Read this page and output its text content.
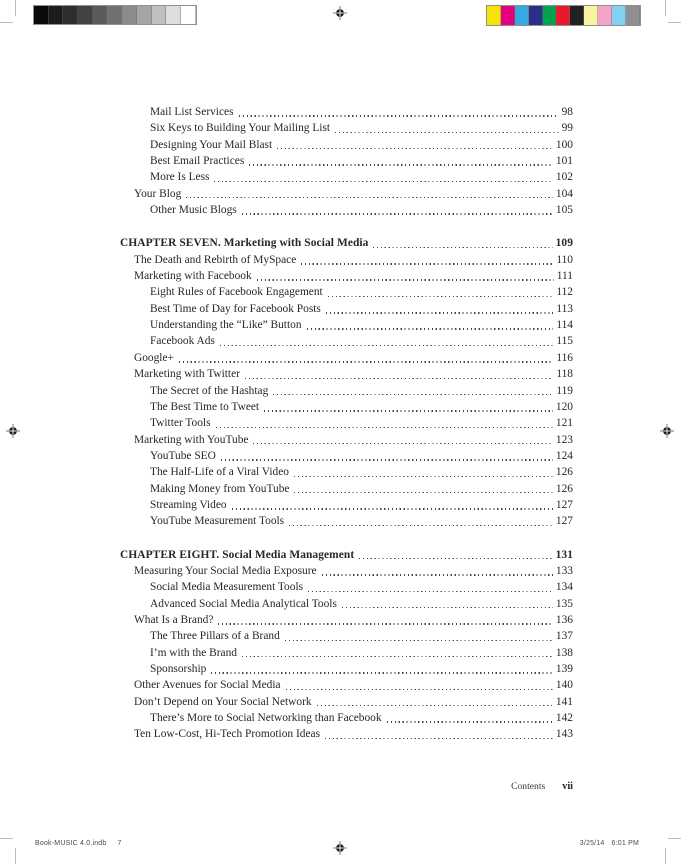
Mail List Services	98
Six Keys to Building Your Mailing List	99
Designing Your Mail Blast	100
Best Email Practices	101
More Is Less	102
Your Blog	104
Other Music Blogs	105
CHAPTER SEVEN. Marketing with Social Media	109
The Death and Rebirth of MySpace	110
Marketing with Facebook	111
Eight Rules of Facebook Engagement	112
Best Time of Day for Facebook Posts	113
Understanding the “Like” Button	114
Facebook Ads	115
Google+	116
Marketing with Twitter	118
The Secret of the Hashtag	119
The Best Time to Tweet	120
Twitter Tools	121
Marketing with YouTube	123
YouTube SEO	124
The Half-Life of a Viral Video	126
Making Money from YouTube	126
Streaming Video	127
YouTube Measurement Tools	127
CHAPTER EIGHT. Social Media Management	131
Measuring Your Social Media Exposure	133
Social Media Measurement Tools	134
Advanced Social Media Analytical Tools	135
What Is a Brand?	136
The Three Pillars of a Brand	137
I’m with the Brand	138
Sponsorship	139
Other Avenues for Social Media	140
Don’t Depend on Your Social Network	141
There’s More to Social Networking than Facebook	142
Ten Low-Cost, Hi-Tech Promotion Ideas	143
Contents vii
Book-MUSIC 4.0.indb 7	3/25/14 6:01 PM
